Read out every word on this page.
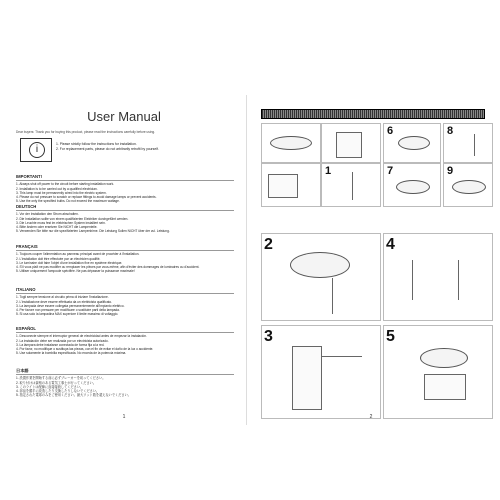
User Manual
Dear buyers: Thank you for buying this product, please read the instructions carefully before using.
i	1. Please strictly follow the instructions for installation.
2. For replacement parts, please do not arbitrarily retrofit by yourself.
IMPORTANT!

1. Always shut off power to the circuit before starting installation work.

2. Installation is to be carried out by a qualified electrician.

3. This lamp must be permanently wired into the electric system.

4. Please do not pressure to scratch or replace fittings to avoid damage lamps or prevent accidents.

5. Use the only the specified bulbs. Do not exceed the maximum wattage.

DEUTSCH

1. Vor der Installation den Strom abschalten.

2. Die Installation sollte von einem qualifizierten Elektriker durchgeführt werden.

3. Die Leuchte muss fest im elektrischen System installiert sein.

4. Bitte ändern oder ersetzen Sie NICHT die Lampenteile.

5. Verwenden Sie bitte nur die spezifizierten Lampenbirne. Die Leistung Sollen NICHT über der zul. Leistung.

FRANÇAIS

1. Toujours couper l'alimentation au panneau principal avant de procéder à l'installation.

2. L'installation doit être effectuée par un électricien qualifié.

3. Le luminaire doit faire l'objet d'une installation fixe en système électrique.

4. S'il vous plaît ne pas modifier ou remplacer les pièces par vous-même, afin d'éviter des dommages de luminaires ou d'accident.

5. Utiliser uniquement l'ampoule spécifiée. Ne pas dépasser la puissance maximale!

ITALIANO

1. Togli sempre tensione al circuito prima di iniziare l'installazione.

2. L'installazione deve essere effettuata da un elettricista qualificato.

3. La lampada deve essere collegata permanentemente all'impianto elettrico.

4. Per favore non pressare per modificare o sostituire parti della lampada.

5. Si usa solo la lampadina MAX superiore il limite massimo di voltaggio.

ESPAÑOL

1. Desconecte siempre el interruptor general de electricidad antes de empezar la instalación.

2. La instalación debe ser realizada por un electricista autorizado.

3. La lámpara debe instalarse conectada de forma fija a la red.

4. Por favor, no modifique o sustituya las piezas, con el fin de evitar el daño de la luz o accidente.

5. Use solamente la bombilla especificada. No exceda de la potencia máxima.

日本語

1. 設置作業を開始する前に必ずブレーカーを切ってください。

2. 取り付けは資格のある電気工事士が行ってください。

3. このライトは配線に直接接続してください。

4. 部品を勝手に改造したり交換したりしないでください。

5. 指定された電球のみをご使用ください。最大ワット数を超えないでください。

1
6	8
1	7	9
2	4
3	5
2
